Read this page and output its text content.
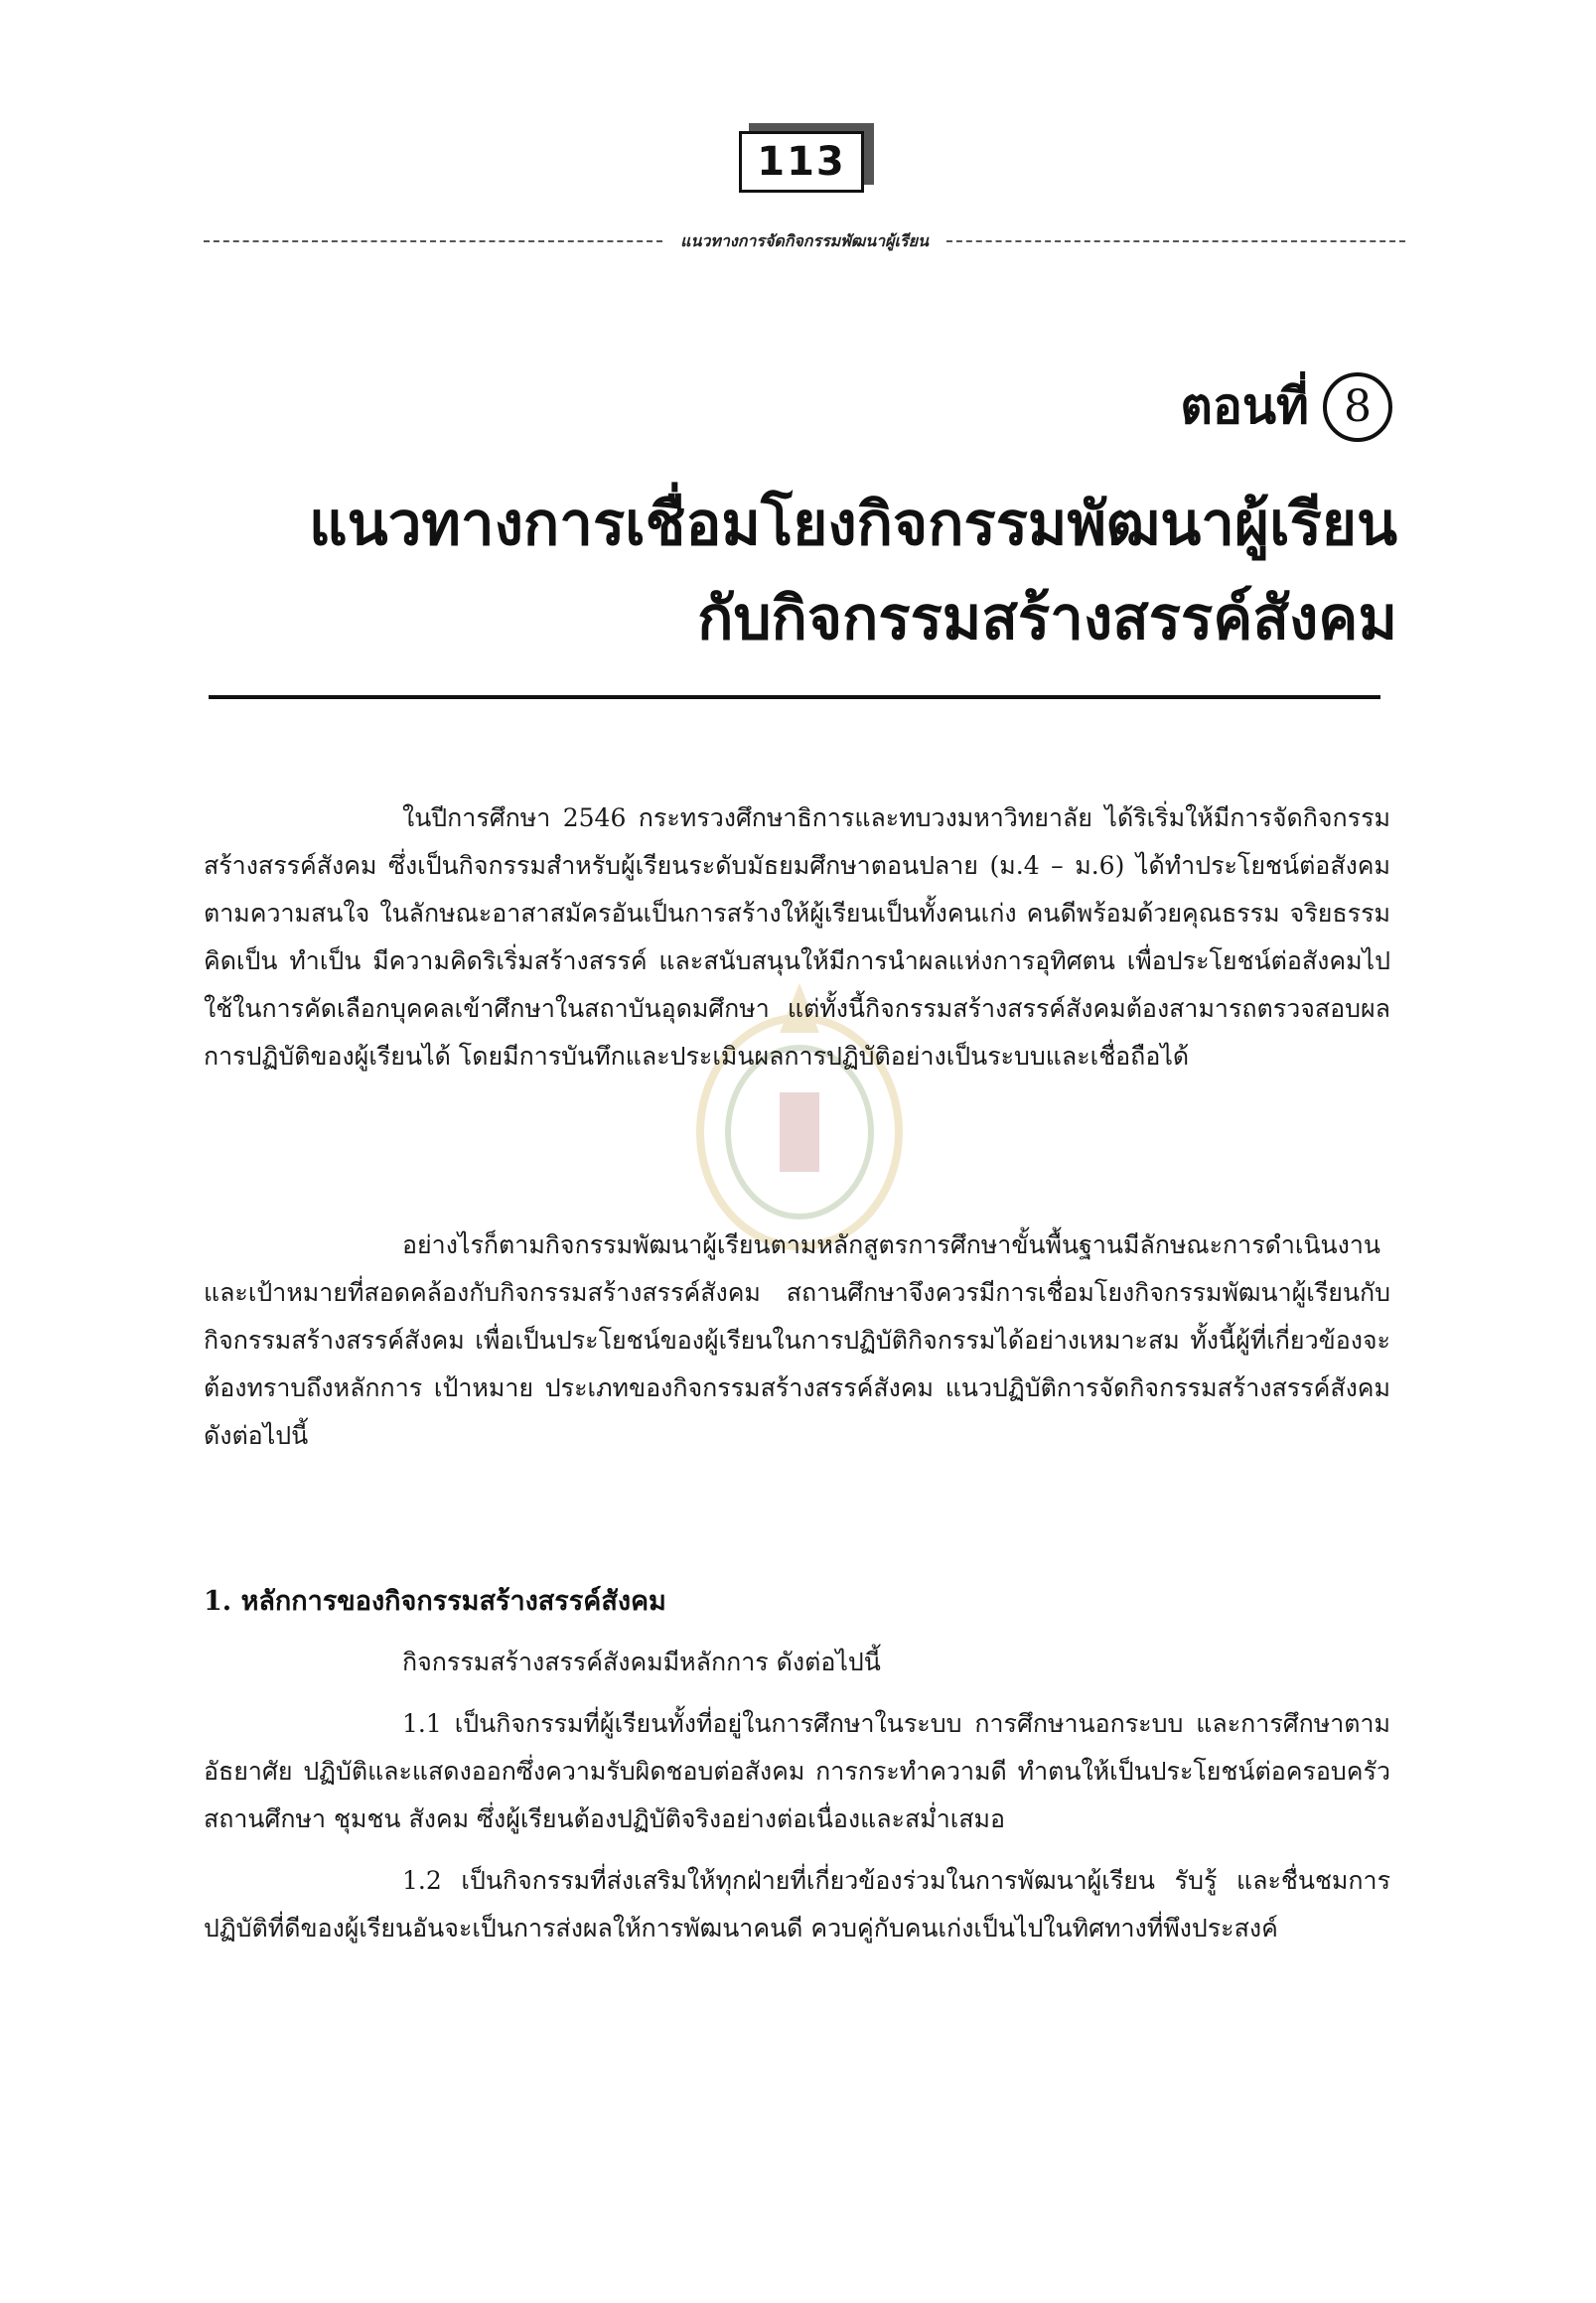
113
แนวทางการจัดกิจกรรมพัฒนาผู้เรียน
ตอนที่ 8
แนวทางการเชื่อมโยงกิจกรรมพัฒนาผู้เรียน
กับกิจกรรมสร้างสรรค์สังคม

ในปีการศึกษา 2546 กระทรวงศึกษาธิการและทบวงมหาวิทยาลัย ได้ริเริ่มให้มีการจัดกิจกรรมสร้างสรรค์สังคม ซึ่งเป็นกิจกรรมสำหรับผู้เรียนระดับมัธยมศึกษาตอนปลาย (ม.4 – ม.6) ได้ทำประโยชน์ต่อสังคมตามความสนใจ ในลักษณะอาสาสมัครอันเป็นการสร้างให้ผู้เรียนเป็นทั้งคนเก่ง คนดีพร้อมด้วยคุณธรรม จริยธรรม คิดเป็น ทำเป็น มีความคิดริเริ่มสร้างสรรค์ และสนับสนุนให้มีการนำผลแห่งการอุทิศตน เพื่อประโยชน์ต่อสังคมไปใช้ในการคัดเลือกบุคคลเข้าศึกษาในสถาบันอุดมศึกษา แต่ทั้งนี้กิจกรรมสร้างสรรค์สังคมต้องสามารถตรวจสอบผลการปฏิบัติของผู้เรียนได้ โดยมีการบันทึกและประเมินผลการปฏิบัติอย่างเป็นระบบและเชื่อถือได้

อย่างไรก็ตามกิจกรรมพัฒนาผู้เรียนตามหลักสูตรการศึกษาขั้นพื้นฐานมีลักษณะการดำเนินงาน และเป้าหมายที่สอดคล้องกับกิจกรรมสร้างสรรค์สังคม สถานศึกษาจึงควรมีการเชื่อมโยงกิจกรรมพัฒนาผู้เรียนกับกิจกรรมสร้างสรรค์สังคม เพื่อเป็นประโยชน์ของผู้เรียนในการปฏิบัติกิจกรรมได้อย่างเหมาะสม ทั้งนี้ผู้ที่เกี่ยวข้องจะต้องทราบถึงหลักการ เป้าหมาย ประเภทของกิจกรรมสร้างสรรค์สังคม แนวปฏิบัติการจัดกิจกรรมสร้างสรรค์สังคม ดังต่อไปนี้

1. หลักการของกิจกรรมสร้างสรรค์สังคม

กิจกรรมสร้างสรรค์สังคมมีหลักการ ดังต่อไปนี้

1.1 เป็นกิจกรรมที่ผู้เรียนทั้งที่อยู่ในการศึกษาในระบบ การศึกษานอกระบบ และการศึกษาตามอัธยาศัย ปฏิบัติและแสดงออกซึ่งความรับผิดชอบต่อสังคม การกระทำความดี ทำตนให้เป็นประโยชน์ต่อครอบครัว สถานศึกษา ชุมชน สังคม ซึ่งผู้เรียนต้องปฏิบัติจริงอย่างต่อเนื่องและสม่ำเสมอ

1.2 เป็นกิจกรรมที่ส่งเสริมให้ทุกฝ่ายที่เกี่ยวข้องร่วมในการพัฒนาผู้เรียน รับรู้ และชื่นชมการปฏิบัติที่ดีของผู้เรียนอันจะเป็นการส่งผลให้การพัฒนาคนดี ควบคู่กับคนเก่งเป็นไปในทิศทางที่พึงประสงค์
